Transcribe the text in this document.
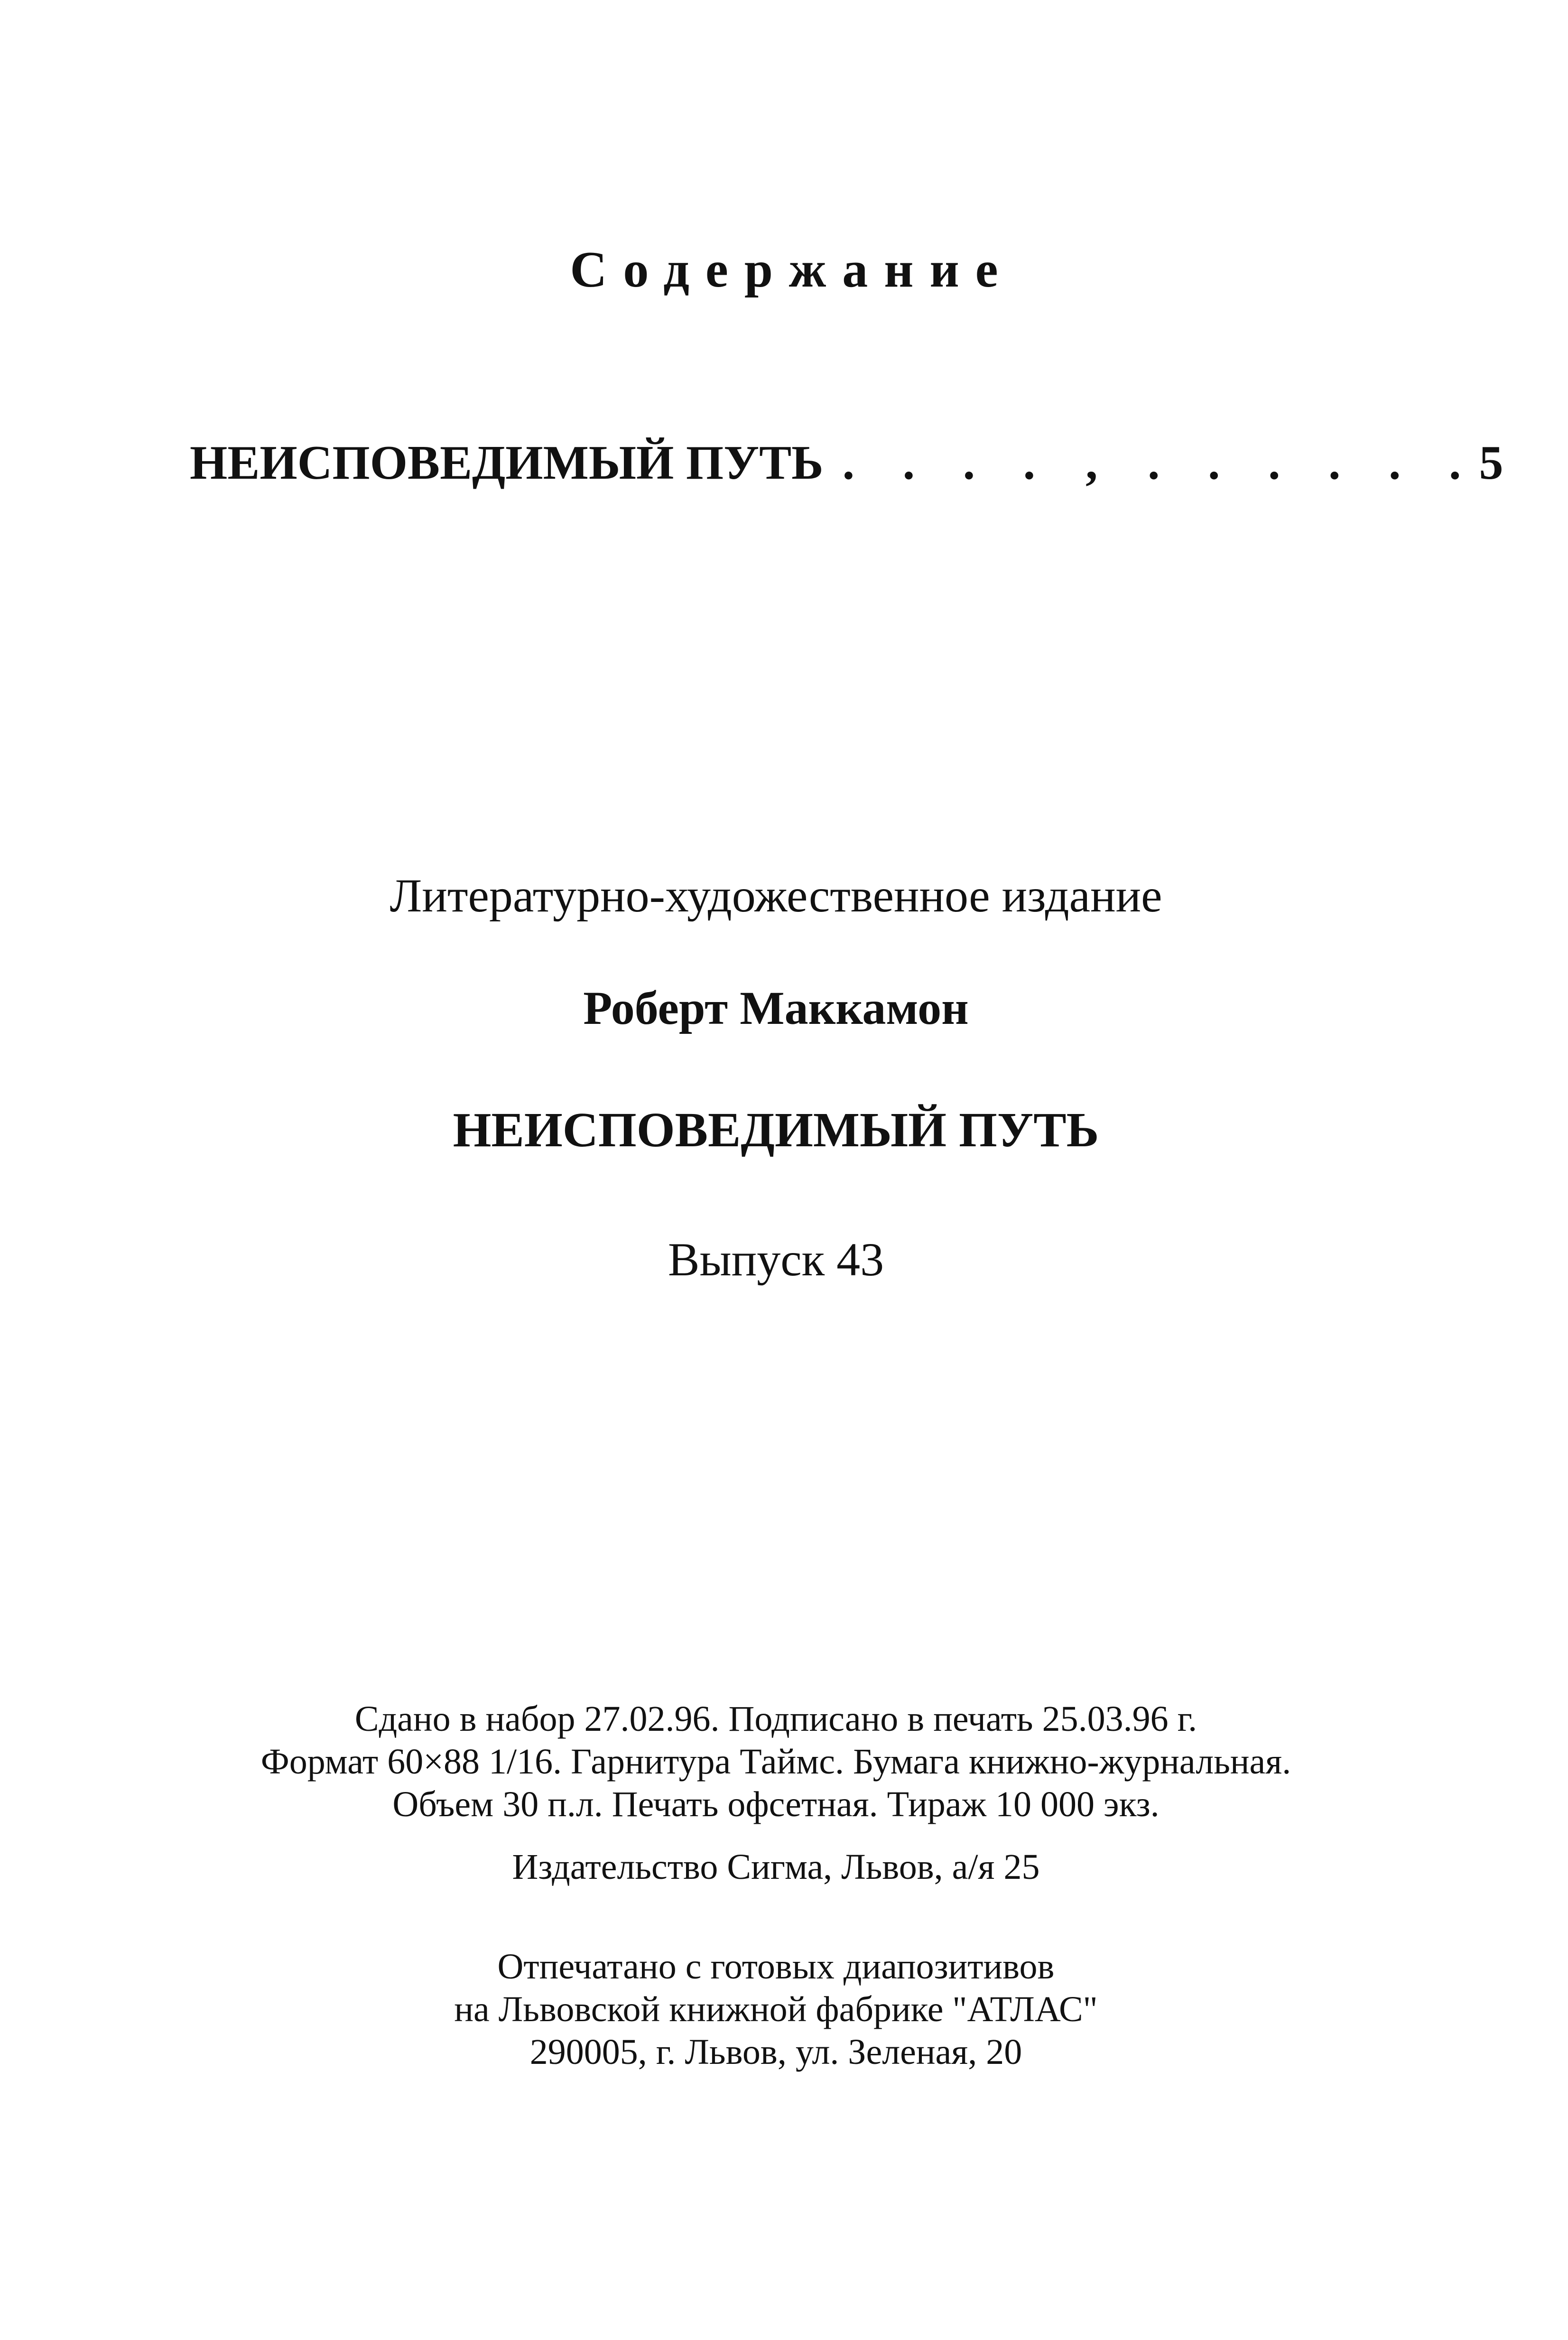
Содержание
НЕИСПОВЕДИМЫЙ ПУТЬ . . . . ‚ . . . . . . 5
Литературно-художественное издание
Роберт Маккамон
НЕИСПОВЕДИМЫЙ ПУТЬ
Выпуск 43
Сдано в набор 27.02.96. Подписано в печать 25.03.96 г.
Формат 60×88 1/16. Гарнитура Таймс. Бумага книжно-журнальная.
Объем 30 п.л. Печать офсетная. Тираж 10 000 экз.
Издательство Сигма, Львов, а/я 25
Отпечатано с готовых диапозитивов
на Львовской книжной фабрике "АТЛАС"
290005, г. Львов, ул. Зеленая, 20
